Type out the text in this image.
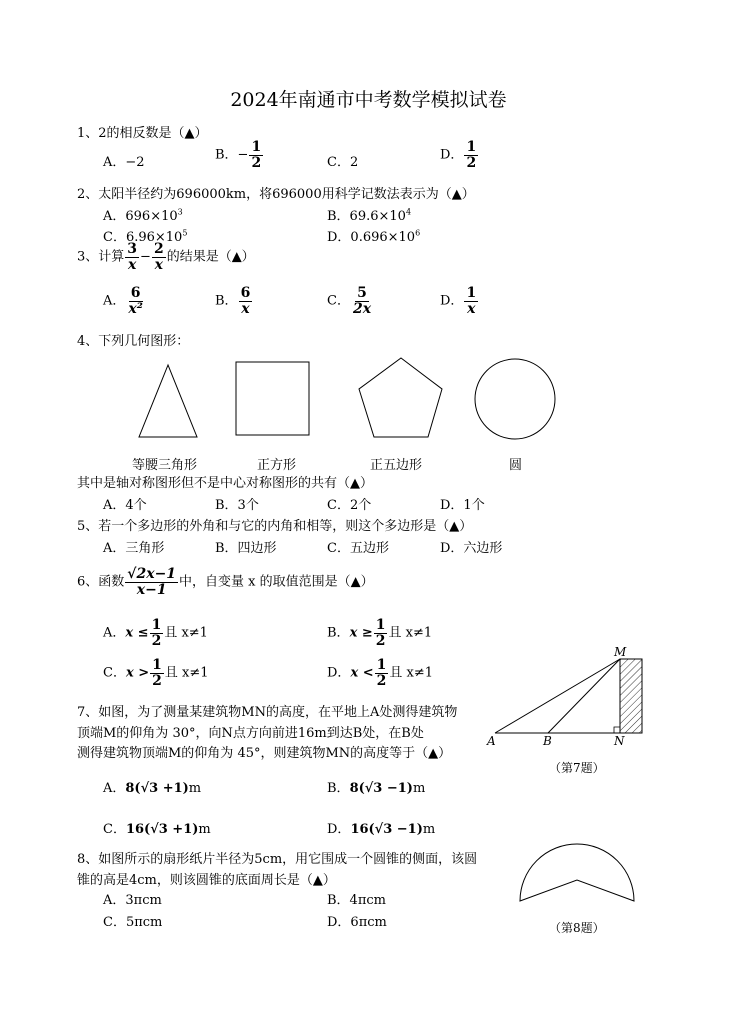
2024年南通市中考数学模拟试卷
1、2的相反数是（▲）
A．−2	B．− $\frac{1}{2}$	C．2	D． $\frac{1}{2}$
2、太阳半径约为696000km，将696000用科学记数法表示为（▲）
A．$696\times 10^3$	B．$69.6\times 10^4$
C．$6.96\times 10^5$	D．$0.696\times 10^6$
3、计算 $\frac{3}{x} - \frac{2}{x}$ 的结果是（▲）
A． $\frac{6}{\text{x²}}$	B． $\frac{6}{x}$	C． $\frac{5}{2x}$	D． $\frac{1}{x}$
4、下列几何图形：
等腰三角形	正方形	正五边形	圆
其中是轴对称图形但不是中心对称图形的共有（▲）
A．4个	B．3个	C．2个	D．1个
5、若一个多边形的外角和与它的内角和相等，则这个多边形是（▲）
A．三角形	B．四边形	C．五边形	D．六边形
6、函数 $\frac{√2x-1}{x-1}$ 中，自变量 x 的取值范围是（▲）
A．$x \le \frac{1}{2}$ 且 x≠1	B．$x \ge \frac{1}{2}$ 且 x≠1
C．$x > \frac{1}{2}$ 且 x≠1	D．$x < \frac{1}{2}$ 且 x≠1
7、如图，为了测量某建筑物MN的高度，在平地上A处测得建筑物
顶端M的仰角为 30°，向N点方向前进16m到达B处，在B处
测得建筑物顶端M的仰角为 45°，则建筑物MN的高度等于（▲）
M
A	B	N
（第7题）
A．8(√3 +1)m	B．8(√3 −1)m
C．16(√3 +1)m	D．16(√3 −1)m
8、如图所示的扇形纸片半径为5cm，用它围成一个圆锥的侧面，该圆
锥的高是4cm，则该圆锥的底面周长是（▲）
A．3πcm	B．4πcm
C．5πcm	D．6πcm	（第8题）
